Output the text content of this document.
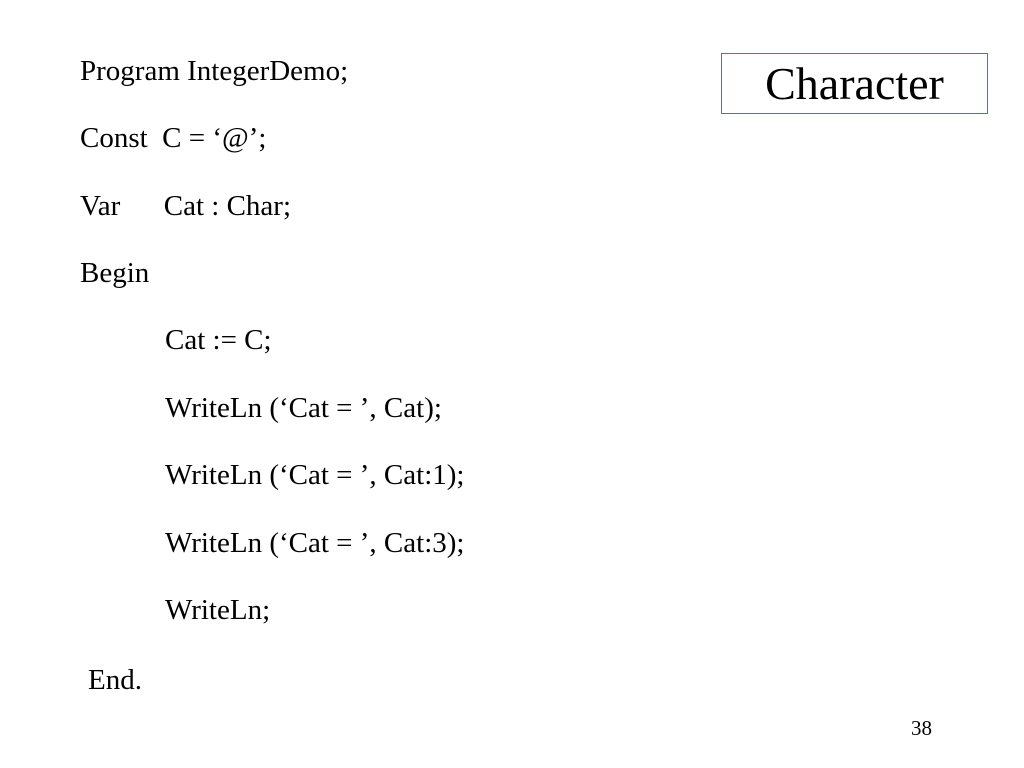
Character
Program IntegerDemo;
Const  C = ‘@’;
Var      Cat : Char;
Begin
Cat := C;
WriteLn (‘Cat = ’, Cat);
WriteLn (‘Cat = ’, Cat:1);
WriteLn (‘Cat = ’, Cat:3);
WriteLn;
End.
38
